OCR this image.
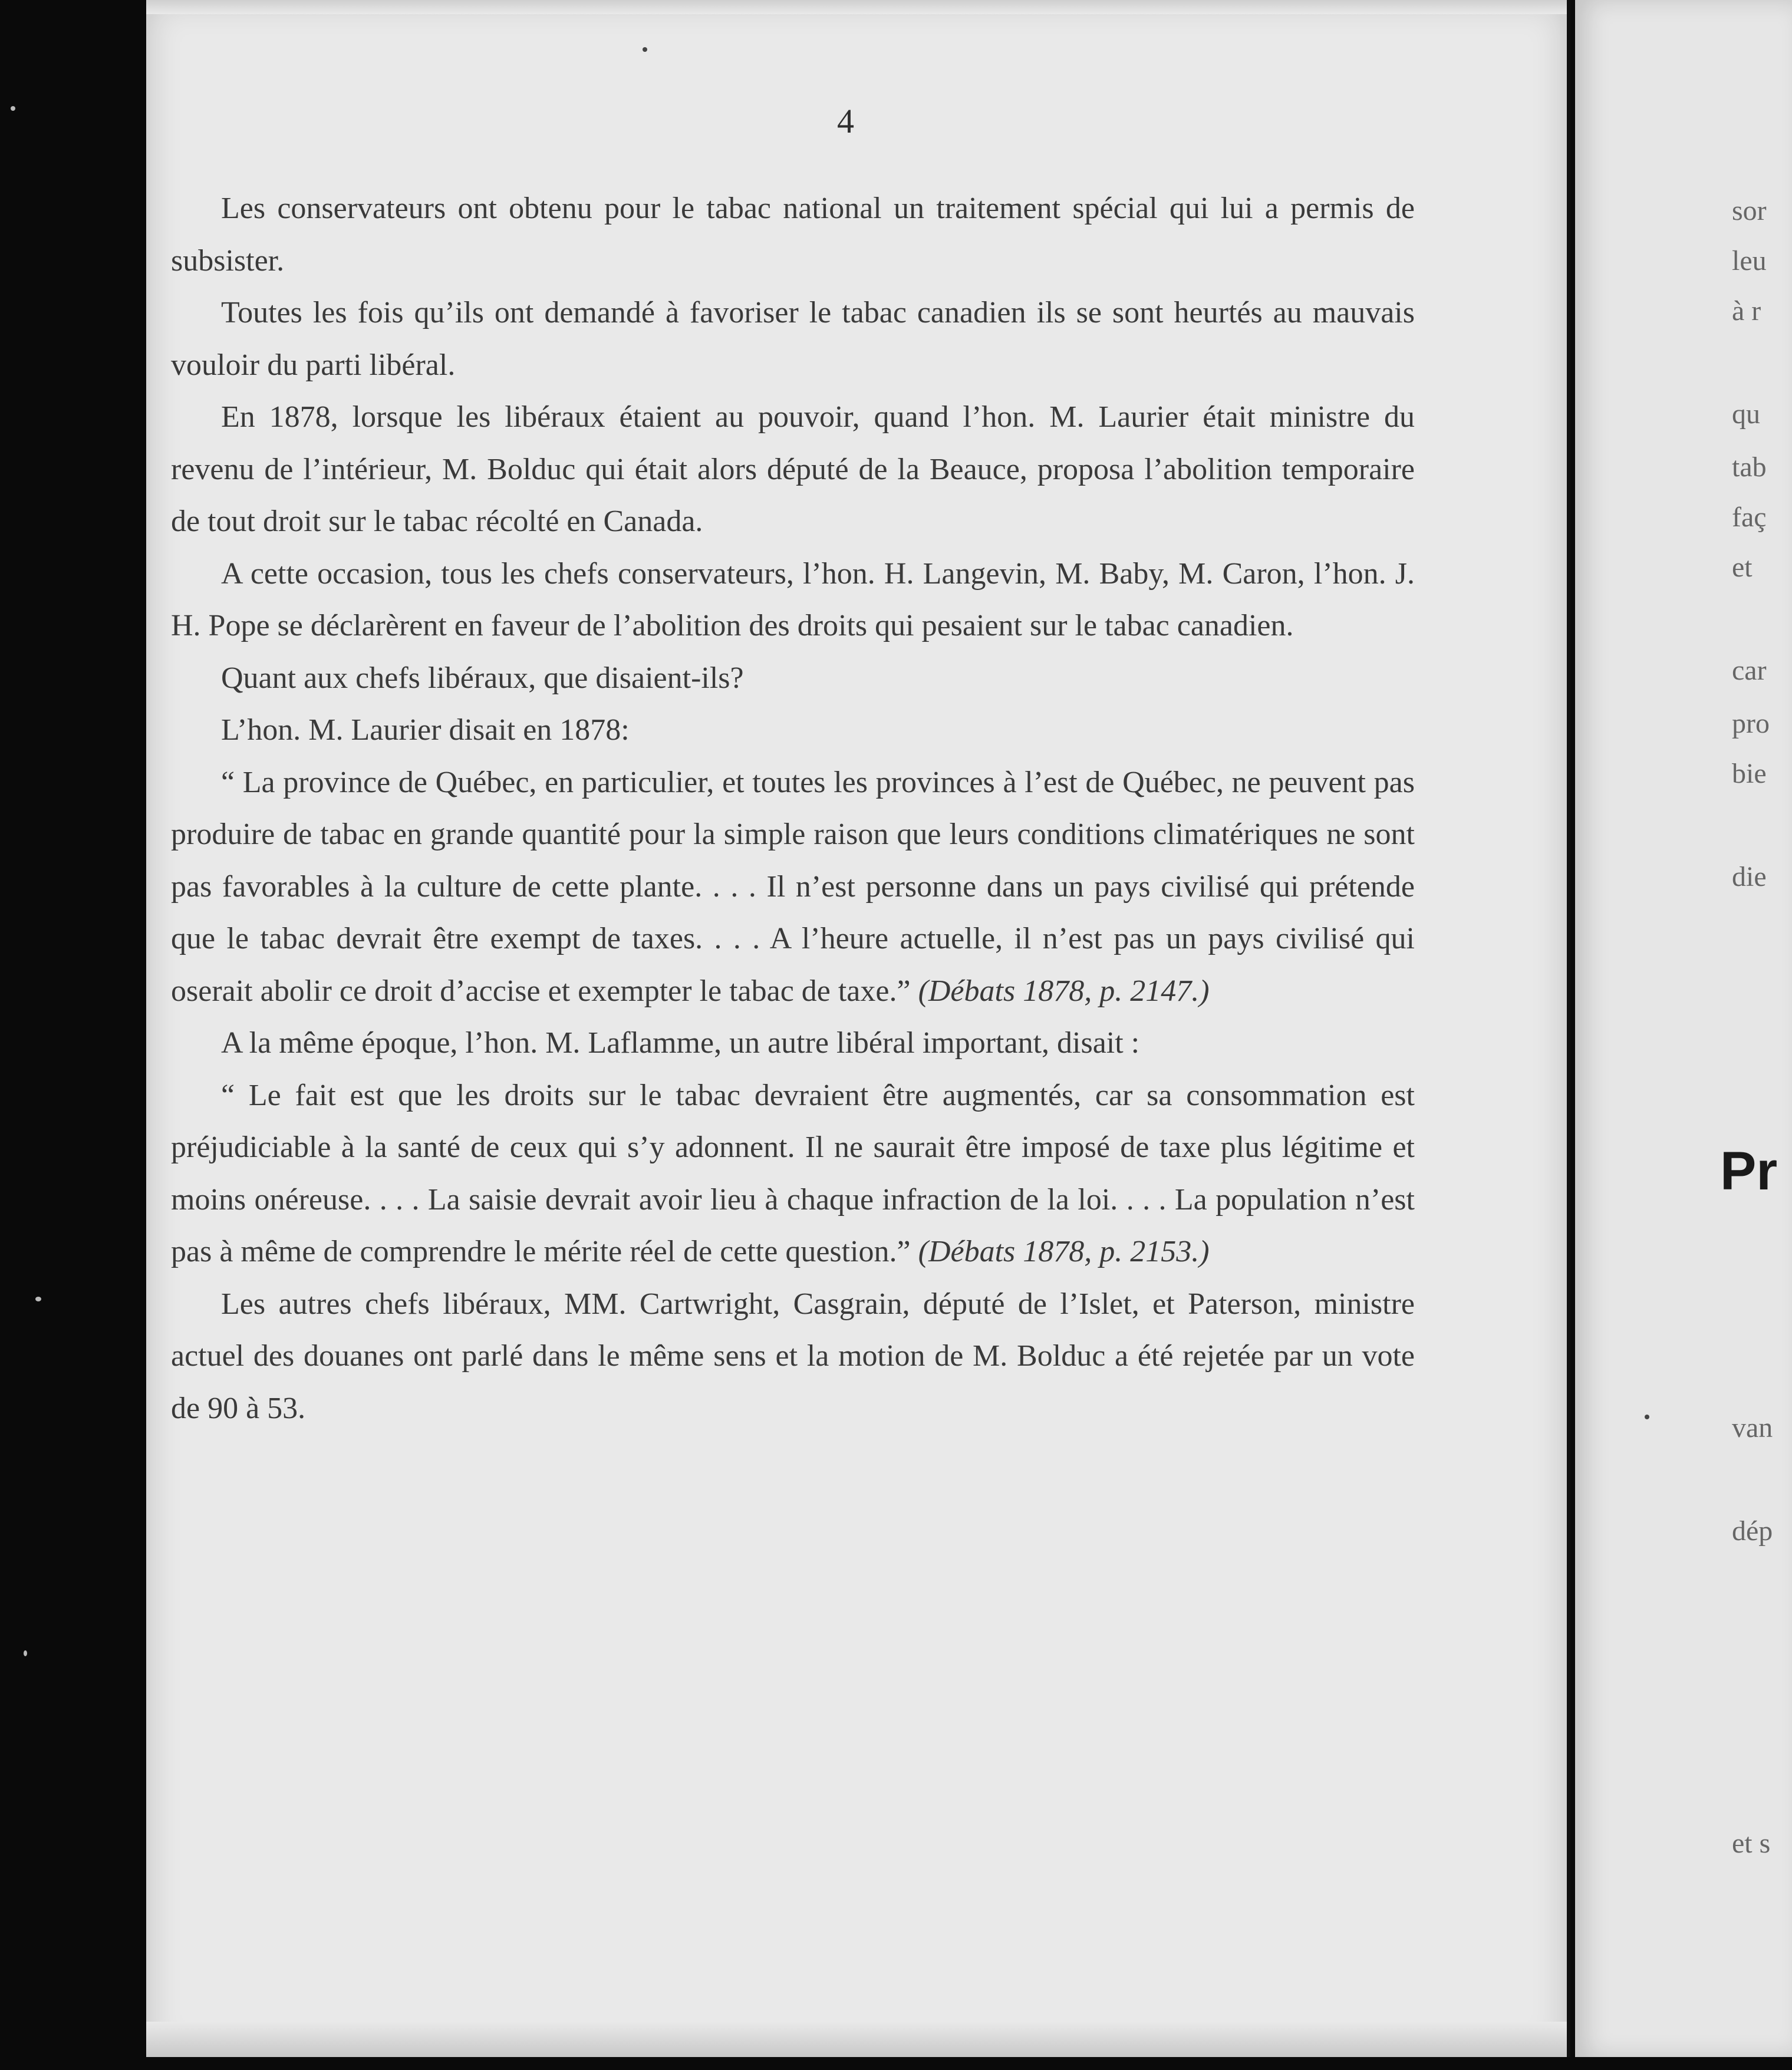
4

Les conservateurs ont obtenu pour le tabac national un traitement spécial qui lui a permis de subsister.

Toutes les fois qu’ils ont demandé à favoriser le tabac canadien ils se sont heurtés au mauvais vouloir du parti libéral.

En 1878, lorsque les libéraux étaient au pouvoir, quand l’hon. M. Laurier était ministre du revenu de l’intérieur, M. Bolduc qui était alors député de la Beauce, proposa l’abolition temporaire de tout droit sur le tabac récolté en Canada.

A cette occasion, tous les chefs conservateurs, l’hon. H. Langevin, M. Baby, M. Caron, l’hon. J. H. Pope se déclarèrent en faveur de l’abolition des droits qui pesaient sur le tabac canadien.

Quant aux chefs libéraux, que disaient-ils?

L’hon. M. Laurier disait en 1878:

“ La province de Québec, en particulier, et toutes les provinces à l’est de Québec, ne peuvent pas produire de tabac en grande quantité pour la simple raison que leurs conditions climatériques ne sont pas favorables à la culture de cette plante. . . . Il n’est personne dans un pays civilisé qui prétende que le tabac devrait être exempt de taxes. . . . A l’heure actuelle, il n’est pas un pays civilisé qui oserait abolir ce droit d’accise et exempter le tabac de taxe.” (Débats 1878, p. 2147.)

A la même époque, l’hon. M. Laflamme, un autre libéral important, disait :

“ Le fait est que les droits sur le tabac devraient être augmentés, car sa consommation est préjudiciable à la santé de ceux qui s’y adonnent. Il ne saurait être imposé de taxe plus légitime et moins onéreuse. . . . La saisie devrait avoir lieu à chaque infraction de la loi. . . . La population n’est pas à même de comprendre le mérite réel de cette question.” (Débats 1878, p. 2153.)

Les autres chefs libéraux, MM. Cartwright, Casgrain, député de l’Islet, et Paterson, ministre actuel des douanes ont parlé dans le même sens et la motion de M. Bolduc a été rejetée par un vote de 90 à 53.

sor
leu
à r
qu
tab
faç
et
car
pro
bie
die
van
dép
et s
Pr
